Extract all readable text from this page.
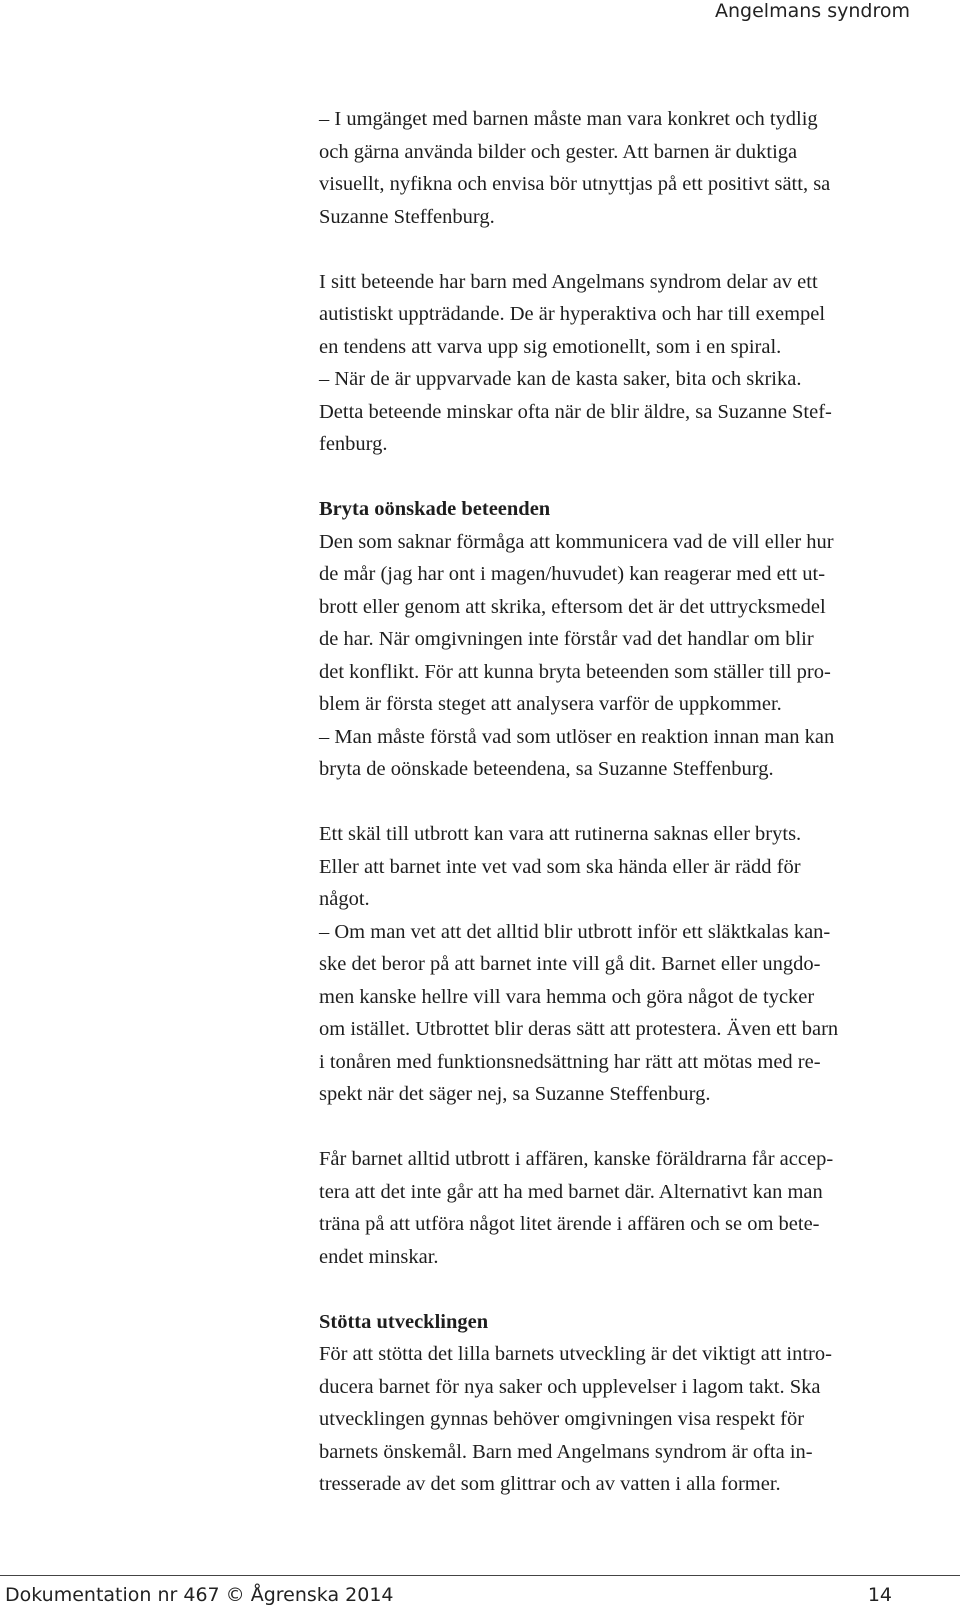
Angelmans syndrom
– I umgänget med barnen måste man vara konkret och tydlig
och gärna använda bilder och gester. Att barnen är duktiga
visuellt, nyfikna och envisa bör utnyttjas på ett positivt sätt, sa
Suzanne Steffenburg.
I sitt beteende har barn med Angelmans syndrom delar av ett
autistiskt uppträdande. De är hyperaktiva och har till exempel
en tendens att varva upp sig emotionellt, som i en spiral.
– När de är uppvarvade kan de kasta saker, bita och skrika.
Detta beteende minskar ofta när de blir äldre, sa Suzanne Stef-
fenburg.
Bryta oönskade beteenden
Den som saknar förmåga att kommunicera vad de vill eller hur
de mår (jag har ont i magen/huvudet) kan reagerar med ett ut-
brott eller genom att skrika, eftersom det är det uttrycksmedel
de har. När omgivningen inte förstår vad det handlar om blir
det konflikt. För att kunna bryta beteenden som ställer till pro-
blem är första steget att analysera varför de uppkommer.
– Man måste förstå vad som utlöser en reaktion innan man kan
bryta de oönskade beteendena, sa Suzanne Steffenburg.
Ett skäl till utbrott kan vara att rutinerna saknas eller bryts.
Eller att barnet inte vet vad som ska hända eller är rädd för
något.
– Om man vet att det alltid blir utbrott inför ett släktkalas kan-
ske det beror på att barnet inte vill gå dit. Barnet eller ungdo-
men kanske hellre vill vara hemma och göra något de tycker
om istället. Utbrottet blir deras sätt att protestera. Även ett barn
i tonåren med funktionsnedsättning har rätt att mötas med re-
spekt när det säger nej, sa Suzanne Steffenburg.
Får barnet alltid utbrott i affären, kanske föräldrarna får accep-
tera att det inte går att ha med barnet där. Alternativt kan man
träna på att utföra något litet ärende i affären och se om bete-
endet minskar.
Stötta utvecklingen
För att stötta det lilla barnets utveckling är det viktigt att intro-
ducera barnet för nya saker och upplevelser i lagom takt. Ska
utvecklingen gynnas behöver omgivningen visa respekt för
barnets önskemål. Barn med Angelmans syndrom är ofta in-
tresserade av det som glittrar och av vatten i alla former.
Dokumentation nr 467 © Ågrenska 2014	14
